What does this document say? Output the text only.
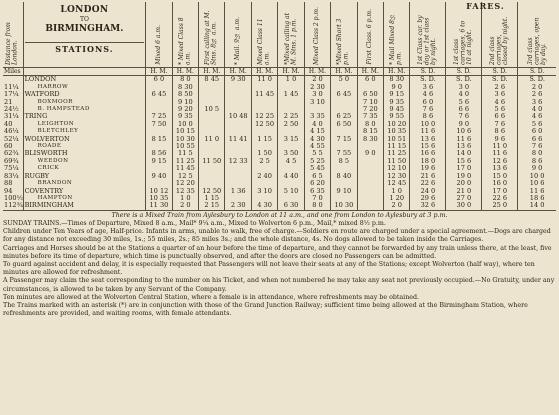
Distance from London.	LONDON
TO
BIRMINGHAM.
STATIONS.	Mixed 6 a.m.	* Mixed Class 8 a.m.	First calling at M. Stns. 8¾ a.m.	* Mail. 9¼ a.m.	Mixed Class 11 a.m.	*Mixed calling at M. Stns. 1 p.m.	Mixed Class 2 p.m.	*Mixed Short 3 p.m.	First Class. 6 p.m.	* Mail Mixed 8½ p.m.	FARES.
1st Class car. by day or 1st class by night.	1st class carriages, 6 to 10 at night.	2nd class carriages, closed by night.	3rd class carriages, open by day.
Miles		H. M.	H. M.	H. M.	H. M.	H. M.	H. M.	H. M.	H. M.	H. M.	H. M.	S. D.	S. D.	S. D.	S. D.
	LONDON	6 0	8 0	8 45	9 30	11 0	1 0	2 0	5 0	6 0	8 30	S. D.	S. D.	S. D.	S. D.
11¼	HARROW		8 30					2 30			9 0	3 6	3 0	2 6	2 0
17¼	WATFORD	6 45	8 50			11 45	1 45	3 0	6 45	6 50	9 15	4 6	4 0	3 6	2 6
21	BOXMOOR		9 10					3 10		7 10	9 35	6 0	5 6	4 6	3 6
24½	B. HAMPSTEAD		9 20	10 5						7 20	9 45	7 6	6 6	5 6	4 0
31¼	TRING	7 25	9 35		10 48	12 25	2 25	3 35	6 25	7 35	9 55	8 6	7 6	6 6	4 6
40	LEIGHTON	7 50	10 0			12 50	2 50	4 0	6 50	8 0	10 20	10 0	9 0	7 6	5 6
46¼	BLETCHLEY		10 15					4 15		8 15	10 35	11 6	10 6	8 6	6 0
52¼	WOLVERTON	8 15	10 30	11 0	11 41	1 15	3 15	4 30	7 15	8 30	10 51	13 6	11 6	9 6	6 6
60	ROADE		10 55					4 55			11 15	15 6	13 6	11 0	7 6
62¾	BLISWORTH	8 56	11 5			1 50	3 50	5 5	7 55	9 0	11 25	16 6	14 0	11 6	8 0
69¾	WEEDON	9 15	11 25	11 50	12 33	2 5	4 5	5 25	8 5		11 50	18 0	15 6	12 6	8 6
75¼	CRICK		11 45					5 45			12 10	19 6	17 0	13 6	9 0
83¼	RUGBY	9 40	12 5			2 40	4 40	6 5	8 40		12 30	21 6	19 0	15 0	10 0
88	BRANDON		12 20					6 20			12 45	22 6	20 0	16 0	10 6
94	COVENTRY	10 12	12 35	12 50	1 36	3 10	5 10	6 35	9 10		1 0	24 0	21 0	17 0	11 6
100½	HAMPTON	10 35	1 0	1 15				7 0			1 20	29 6	27 0	22 6	18 6
112¾	BIRMINGHAM	11 30	2 0	2 15	2 30	4 30	6 30	8 0	10 30		2 0	32 6	30 0	25 0	14 0

There is a Mixed Train from Aylesbury to London at 11 a.m., and one from London to Aylesbury at 3 p.m.

SUNDAY TRAINS.—Times of Departure, Mixed 8 a.m., Mail* 9¼ a.m., Mixed to Wolverton 6 p.m., Mail,* mixed 8½ p.m.

Children under Ten Years of age, Half-price. Infants in arms, unable to walk, free of charge.—Soldiers en route are charged under a special agreement.—Dogs are charged for any distance not exceeding 30 miles, 1s.; 55 miles, 2s.; 85 miles 3s.; and the whole distance, 4s. No dogs allowed to be taken inside the Carriages.

Carriages and Horses should be at the Stations a quarter of an hour before the time of departure, and they cannot be forwarded by any train unless there, at the least, five minutes before its time of departure, which time is punctually observed, and after the doors are closed no Passengers can be admitted.

To guard against accident and delay, it is especially requested that Passengers will not leave their seats at any of the Stations; except Wolverton (half way), where ten minutes are allowed for refreshment.

A Passenger may claim the seat corresponding to the number on his Ticket, and when not numbered he may take any seat not previously occupied.—No Gratuity, under any circumstances, is allowed to be taken by any Servant of the Company.

Ten minutes are allowed at the Wolverton Central Station, where a female is in attendance, where refreshments may be obtained.

The Trains marked with an asterisk (*) are in conjunction with those of the Grand Junction Railway; sufficient time being allowed at the Birmingham Station, where refreshments are provided, and waiting rooms, with female attendants.
